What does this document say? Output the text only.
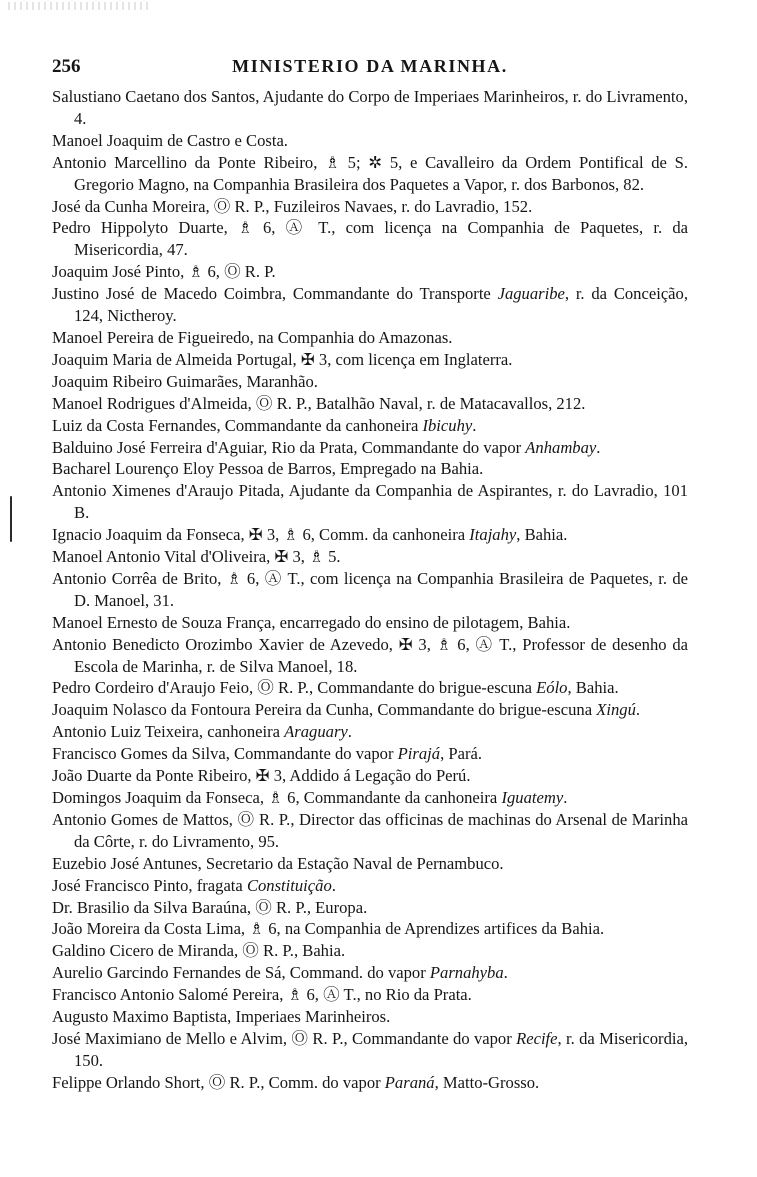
256	MINISTERIO DA MARINHA.

Salustiano Caetano dos Santos, Ajudante do Corpo de Imperiaes Marinheiros, r. do Livramento, 4.

Manoel Joaquim de Castro e Costa.

Antonio Marcellino da Ponte Ribeiro, ♗ 5; ✲ 5, e Cavalleiro da Ordem Pontifical de S. Gregorio Magno, na Companhia Brasileira dos Paquetes a Vapor, r. dos Barbonos, 82.

José da Cunha Moreira, Ⓞ R. P., Fuzileiros Navaes, r. do Lavradio, 152.

Pedro Hippolyto Duarte, ♗ 6, Ⓐ T., com licença na Companhia de Paquetes, r. da Misericordia, 47.

Joaquim José Pinto, ♗ 6, Ⓞ R. P.

Justino José de Macedo Coimbra, Commandante do Transporte Jaguaribe, r. da Conceição, 124, Nictheroy.

Manoel Pereira de Figueiredo, na Companhia do Amazonas.

Joaquim Maria de Almeida Portugal, ✠ 3, com licença em Inglaterra.

Joaquim Ribeiro Guimarães, Maranhão.

Manoel Rodrigues d'Almeida, Ⓞ R. P., Batalhão Naval, r. de Matacavallos, 212.

Luiz da Costa Fernandes, Commandante da canhoneira Ibicuhy.

Balduino José Ferreira d'Aguiar, Rio da Prata, Commandante do vapor Anhambay.

Bacharel Lourenço Eloy Pessoa de Barros, Empregado na Bahia.

Antonio Ximenes d'Araujo Pitada, Ajudante da Companhia de Aspirantes, r. do Lavradio, 101 B.

Ignacio Joaquim da Fonseca, ✠ 3, ♗ 6, Comm. da canhoneira Itajahy, Bahia.

Manoel Antonio Vital d'Oliveira, ✠ 3, ♗ 5.

Antonio Corrêa de Brito, ♗ 6, Ⓐ T., com licença na Companhia Brasileira de Paquetes, r. de D. Manoel, 31.

Manoel Ernesto de Souza França, encarregado do ensino de pilotagem, Bahia.

Antonio Benedicto Orozimbo Xavier de Azevedo, ✠ 3, ♗ 6, Ⓐ T., Professor de desenho da Escola de Marinha, r. de Silva Manoel, 18.

Pedro Cordeiro d'Araujo Feio, Ⓞ R. P., Commandante do brigue-escuna Eólo, Bahia.

Joaquim Nolasco da Fontoura Pereira da Cunha, Commandante do brigue-escuna Xingú.

Antonio Luiz Teixeira, canhoneira Araguary.

Francisco Gomes da Silva, Commandante do vapor Pirajá, Pará.

João Duarte da Ponte Ribeiro, ✠ 3, Addido á Legação do Perú.

Domingos Joaquim da Fonseca, ♗ 6, Commandante da canhoneira Iguatemy.

Antonio Gomes de Mattos, Ⓞ R. P., Director das officinas de machinas do Arsenal de Marinha da Côrte, r. do Livramento, 95.

Euzebio José Antunes, Secretario da Estação Naval de Pernambuco.

José Francisco Pinto, fragata Constituição.

Dr. Brasilio da Silva Baraúna, Ⓞ R. P., Europa.

João Moreira da Costa Lima, ♗ 6, na Companhia de Aprendizes artifices da Bahia.

Galdino Cicero de Miranda, Ⓞ R. P., Bahia.

Aurelio Garcindo Fernandes de Sá, Command. do vapor Parnahyba.

Francisco Antonio Salomé Pereira, ♗ 6, Ⓐ T., no Rio da Prata.

Augusto Maximo Baptista, Imperiaes Marinheiros.

José Maximiano de Mello e Alvim, Ⓞ R. P., Commandante do vapor Recife, r. da Misericordia, 150.

Felippe Orlando Short, Ⓞ R. P., Comm. do vapor Paraná, Matto-Grosso.
